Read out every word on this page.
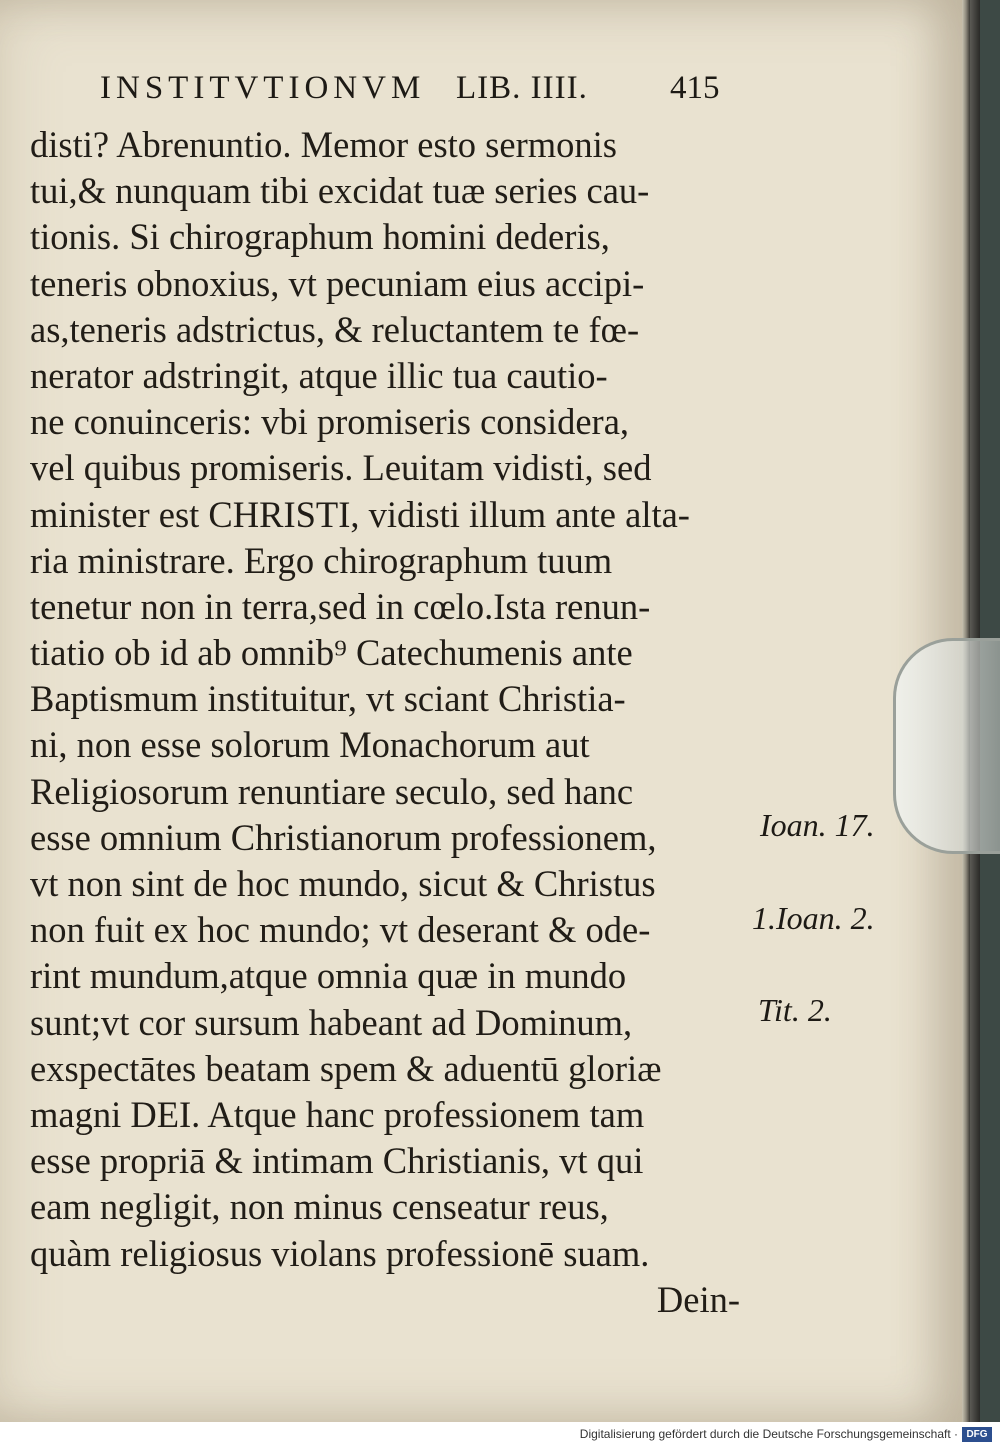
INSTITVTIONVM LIB. IIII. 415
disti? Abrenuntio. Memor esto sermonis
tui,& nunquam tibi excidat tuæ series cau-
tionis. Si chirographum homini dederis,
teneris obnoxius, vt pecuniam eius accipi-
as,teneris adstrictus, & reluctantem te fœ-
nerator adstringit, atque illic tua cautio-
ne conuinceris: vbi promiseris considera,
vel quibus promiseris. Leuitam vidisti, sed
minister est CHRISTI, vidisti illum ante alta-
ria ministrare. Ergo chirographum tuum
tenetur non in terra,sed in cœlo.Ista renun-
tiatio ob id ab omnib⁹ Catechumenis ante
Baptismum instituitur, vt sciant Christia-
ni, non esse solorum Monachorum aut
Religiosorum renuntiare seculo, sed hanc
esse omnium Christianorum professionem,
vt non sint de hoc mundo, sicut & Christus
non fuit ex hoc mundo; vt deserant & ode-
rint mundum,atque omnia quæ in mundo
sunt;vt cor sursum habeant ad Dominum,
exspectātes beatam spem & aduentū gloriæ
magni DEI. Atque hanc professionem tam
esse propriā & intimam Christianis, vt qui
eam negligit, non minus censeatur reus,
quàm religiosus violans professionē suam.
Dein-
Ioan. 17.
1.Ioan. 2.
Tit. 2.
Digitalisierung gefördert durch die Deutsche Forschungsgemeinschaft · DFG
